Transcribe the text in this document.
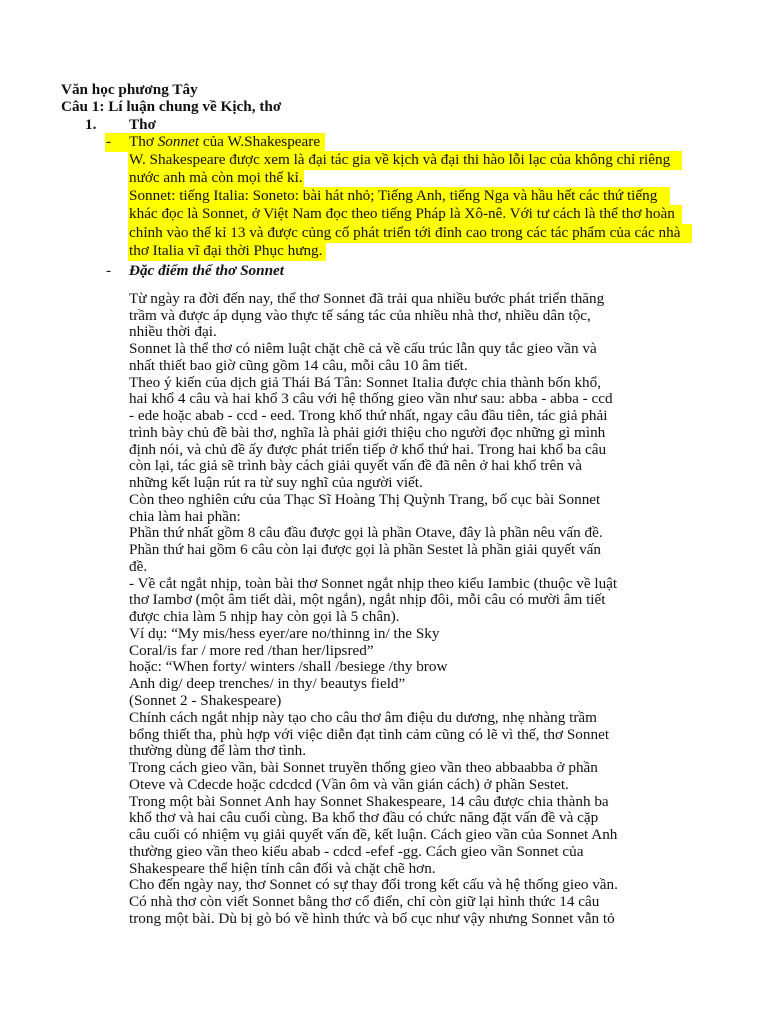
Văn học phương Tây

Câu 1: Lí luận chung về Kịch, thơ

1. Thơ

- Thơ Sonnet của W.Shakespeare

W. Shakespeare được xem là đại tác gia về kịch và đại thi hào lỗi lạc của không chỉ riêng

nước anh mà còn mọi thế kỉ.

Sonnet: tiếng Italia: Soneto: bài hát nhỏ; Tiếng Anh, tiếng Nga và hầu hết các thứ tiếng

khác đọc là Sonnet, ở Việt Nam đọc theo tiếng Pháp là Xô-nê. Với tư cách là thể thơ hoàn

chỉnh vào thế kỉ 13 và được củng cố phát triển tới đỉnh cao trong các tác phẩm của các nhà

thơ Italia vĩ đại thời Phục hưng.

- Đặc điểm thể thơ Sonnet

Từ ngày ra đời đến nay, thể thơ Sonnet đã trải qua nhiều bước phát triển thăng

trầm và được áp dụng vào thực tế sáng tác của nhiều nhà thơ, nhiều dân tộc,

nhiều thời đại.

Sonnet là thể thơ có niêm luật chặt chẽ cả về cấu trúc lẫn quy tắc gieo vần và

nhất thiết bao giờ cũng gồm 14 câu, mỗi câu 10 âm tiết.

Theo ý kiến của dịch giả Thái Bá Tân: Sonnet Italia được chia thành bốn khổ,

hai khổ 4 câu và hai khổ 3 câu với hệ thống gieo vần như sau: abba - abba - ccd

- ede hoặc abab - ccd - eed. Trong khổ thứ nhất, ngay câu đầu tiên, tác giả phải

trình bày chủ đề bài thơ, nghĩa là phải giới thiệu cho người đọc những gì mình

định nói, và chủ đề ấy được phát triển tiếp ở khổ thứ hai. Trong hai khổ ba câu

còn lại, tác giả sẽ trình bày cách giải quyết vấn đề đã nên ở hai khổ trên và

những kết luận rút ra từ suy nghĩ của người viết.

Còn theo nghiên cứu của Thạc Sĩ Hoàng Thị Quỳnh Trang, bố cục bài Sonnet

chia làm hai phần:

Phần thứ nhất gồm 8 câu đầu được gọi là phần Otave, đây là phần nêu vấn đề.

Phần thứ hai gồm 6 câu còn lại được gọi là phần Sestet là phần giải quyết vấn

đề.

- Về cắt ngắt nhịp, toàn bài thơ Sonnet ngắt nhịp theo kiểu Iambic (thuộc về luật

thơ Iambơ (một âm tiết dài, một ngắn), ngắt nhịp đôi, mỗi câu có mười âm tiết

được chia làm 5 nhịp hay còn gọi là 5 chân).

Ví dụ: “My mis/hess eyer/are no/thinng in/ the Sky

Coral/is far / more red /than her/lipsred”

hoặc: “When forty/ winters /shall /besiege /thy brow

Anh dig/ deep trenches/ in thy/ beautys field”

(Sonnet 2 - Shakespeare)

Chính cách ngắt nhịp này tạo cho câu thơ âm điệu du dương, nhẹ nhàng trầm

bổng thiết tha, phù hợp với việc diễn đạt tình cảm cũng có lẽ vì thế, thơ Sonnet

thường dùng để làm thơ tình.

Trong cách gieo vần, bài Sonnet truyền thống gieo vần theo abbaabba ở phần

Oteve và Cdecde hoặc cdcdcd (Vần ôm và vần gián cách) ở phần Sestet.

Trong một bài Sonnet Anh hay Sonnet Shakespeare, 14 câu được chia thành ba

khổ thơ và hai câu cuối cùng. Ba khổ thơ đầu có chức năng đặt vấn đề và cặp

câu cuối có nhiệm vụ giải quyết vấn đề, kết luận. Cách gieo vần của Sonnet Anh

thường gieo vần theo kiểu abab - cdcd -efef -gg. Cách gieo vần Sonnet của

Shakespeare thể hiện tính cân đối và chặt chẽ hơn.

Cho đến ngày nay, thơ Sonnet có sự thay đổi trong kết cấu và hệ thống gieo vần.

Có nhà thơ còn viết Sonnet bằng thơ cổ điển, chỉ còn giữ lại hình thức 14 câu

trong một bài. Dù bị gò bó về hình thức và bố cục như vậy nhưng Sonnet vẫn tỏ
